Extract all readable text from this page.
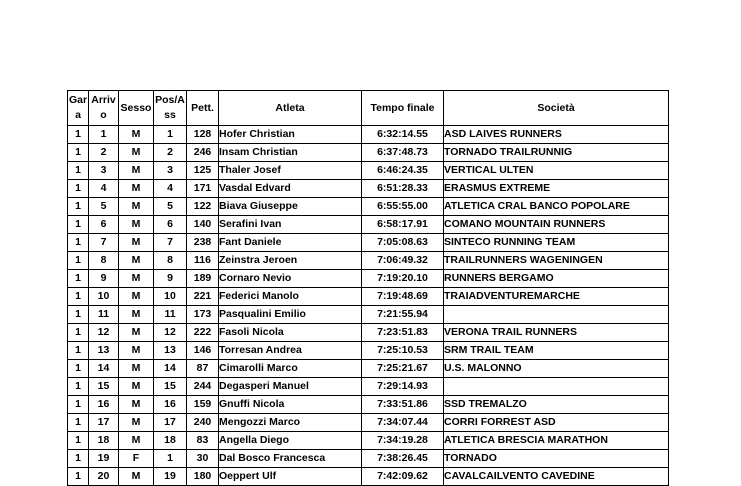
Gara	Arrivo	Sesso	Pos/Ass	Pett.	Atleta	Tempo finale	Società
1	1	M	1	128	Hofer Christian	6:32:14.55	ASD LAIVES RUNNERS
1	2	M	2	246	Insam Christian	6:37:48.73	TORNADO TRAILRUNNIG
1	3	M	3	125	Thaler Josef	6:46:24.35	VERTICAL ULTEN
1	4	M	4	171	Vasdal Edvard	6:51:28.33	ERASMUS EXTREME
1	5	M	5	122	Biava Giuseppe	6:55:55.00	ATLETICA CRAL BANCO POPOLARE
1	6	M	6	140	Serafini Ivan	6:58:17.91	COMANO MOUNTAIN RUNNERS
1	7	M	7	238	Fant Daniele	7:05:08.63	SINTECO RUNNING TEAM
1	8	M	8	116	Zeinstra Jeroen	7:06:49.32	TRAILRUNNERS WAGENINGEN
1	9	M	9	189	Cornaro Nevio	7:19:20.10	RUNNERS BERGAMO
1	10	M	10	221	Federici Manolo	7:19:48.69	TRAIADVENTUREMARCHE
1	11	M	11	173	Pasqualini Emilio	7:21:55.94	
1	12	M	12	222	Fasoli Nicola	7:23:51.83	VERONA TRAIL RUNNERS
1	13	M	13	146	Torresan Andrea	7:25:10.53	SRM TRAIL TEAM
1	14	M	14	87	Cimarolli Marco	7:25:21.67	U.S. MALONNO
1	15	M	15	244	Degasperi Manuel	7:29:14.93	
1	16	M	16	159	Gnuffi Nicola	7:33:51.86	SSD TREMALZO
1	17	M	17	240	Mengozzi Marco	7:34:07.44	CORRI FORREST ASD
1	18	M	18	83	Angella Diego	7:34:19.28	ATLETICA BRESCIA MARATHON
1	19	F	1	30	Dal Bosco Francesca	7:38:26.45	TORNADO
1	20	M	19	180	Oeppert Ulf	7:42:09.62	CAVALCAILVENTO CAVEDINE
